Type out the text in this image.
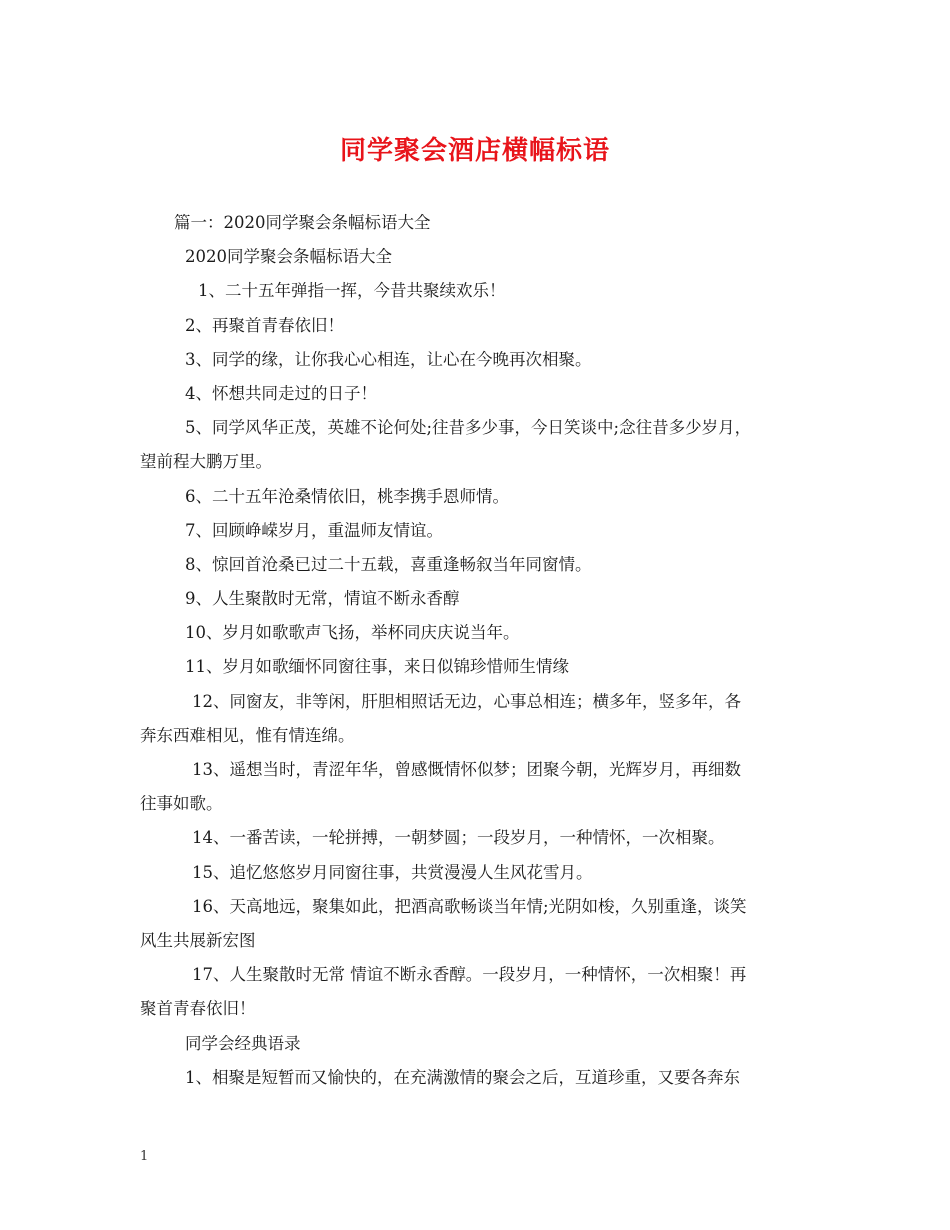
同学聚会酒店横幅标语
篇一：2020同学聚会条幅标语大全
2020同学聚会条幅标语大全
1、二十五年弹指一挥，今昔共聚续欢乐！
2、再聚首青春依旧！
3、同学的缘，让你我心心相连，让心在今晚再次相聚。
4、怀想共同走过的日子！
5、同学风华正茂，英雄不论何处;往昔多少事，今日笑谈中;念往昔多少岁月，
望前程大鹏万里。
6、二十五年沧桑情依旧，桃李携手恩师情。
7、回顾峥嵘岁月，重温师友情谊。
8、惊回首沧桑已过二十五载，喜重逢畅叙当年同窗情。
9、人生聚散时无常，情谊不断永香醇
10、岁月如歌歌声飞扬，举杯同庆庆说当年。
11、岁月如歌缅怀同窗往事，来日似锦珍惜师生情缘
12、同窗友，非等闲，肝胆相照话无边，心事总相连；横多年，竖多年，各
奔东西难相见，惟有情连绵。
13、遥想当时，青涩年华，曾感慨情怀似梦；团聚今朝，光辉岁月，再细数
往事如歌。
14、一番苦读，一轮拼搏，一朝梦圆；一段岁月，一种情怀，一次相聚。
15、追忆悠悠岁月同窗往事，共赏漫漫人生风花雪月。
16、天高地远，聚集如此，把酒高歌畅谈当年情;光阴如梭，久别重逢，谈笑
风生共展新宏图
17、人生聚散时无常 情谊不断永香醇。一段岁月，一种情怀，一次相聚！再
聚首青春依旧！
同学会经典语录
1、相聚是短暂而又愉快的，在充满激情的聚会之后，互道珍重，又要各奔东
1
